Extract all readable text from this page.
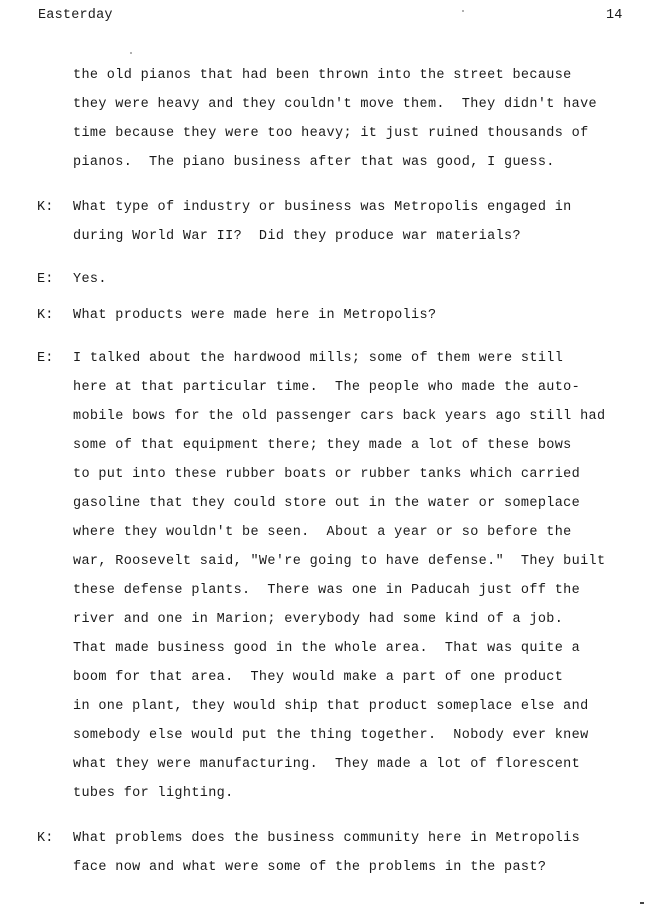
Easterday	14
the old pianos that had been thrown into the street because
they were heavy and they couldn't move them.  They didn't have
time because they were too heavy; it just ruined thousands of
pianos.  The piano business after that was good, I guess.
K: What type of industry or business was Metropolis engaged in
during World War II?  Did they produce war materials?
E: Yes.
K: What products were made here in Metropolis?
E: I talked about the hardwood mills; some of them were still
here at that particular time.  The people who made the auto-
mobile bows for the old passenger cars back years ago still had
some of that equipment there; they made a lot of these bows
to put into these rubber boats or rubber tanks which carried
gasoline that they could store out in the water or someplace
where they wouldn't be seen.  About a year or so before the
war, Roosevelt said, "We're going to have defense."  They built
these defense plants.  There was one in Paducah just off the
river and one in Marion; everybody had some kind of a job.
That made business good in the whole area.  That was quite a
boom for that area.  They would make a part of one product
in one plant, they would ship that product someplace else and
somebody else would put the thing together.  Nobody ever knew
what they were manufacturing.  They made a lot of florescent
tubes for lighting.
K: What problems does the business community here in Metropolis
face now and what were some of the problems in the past?
